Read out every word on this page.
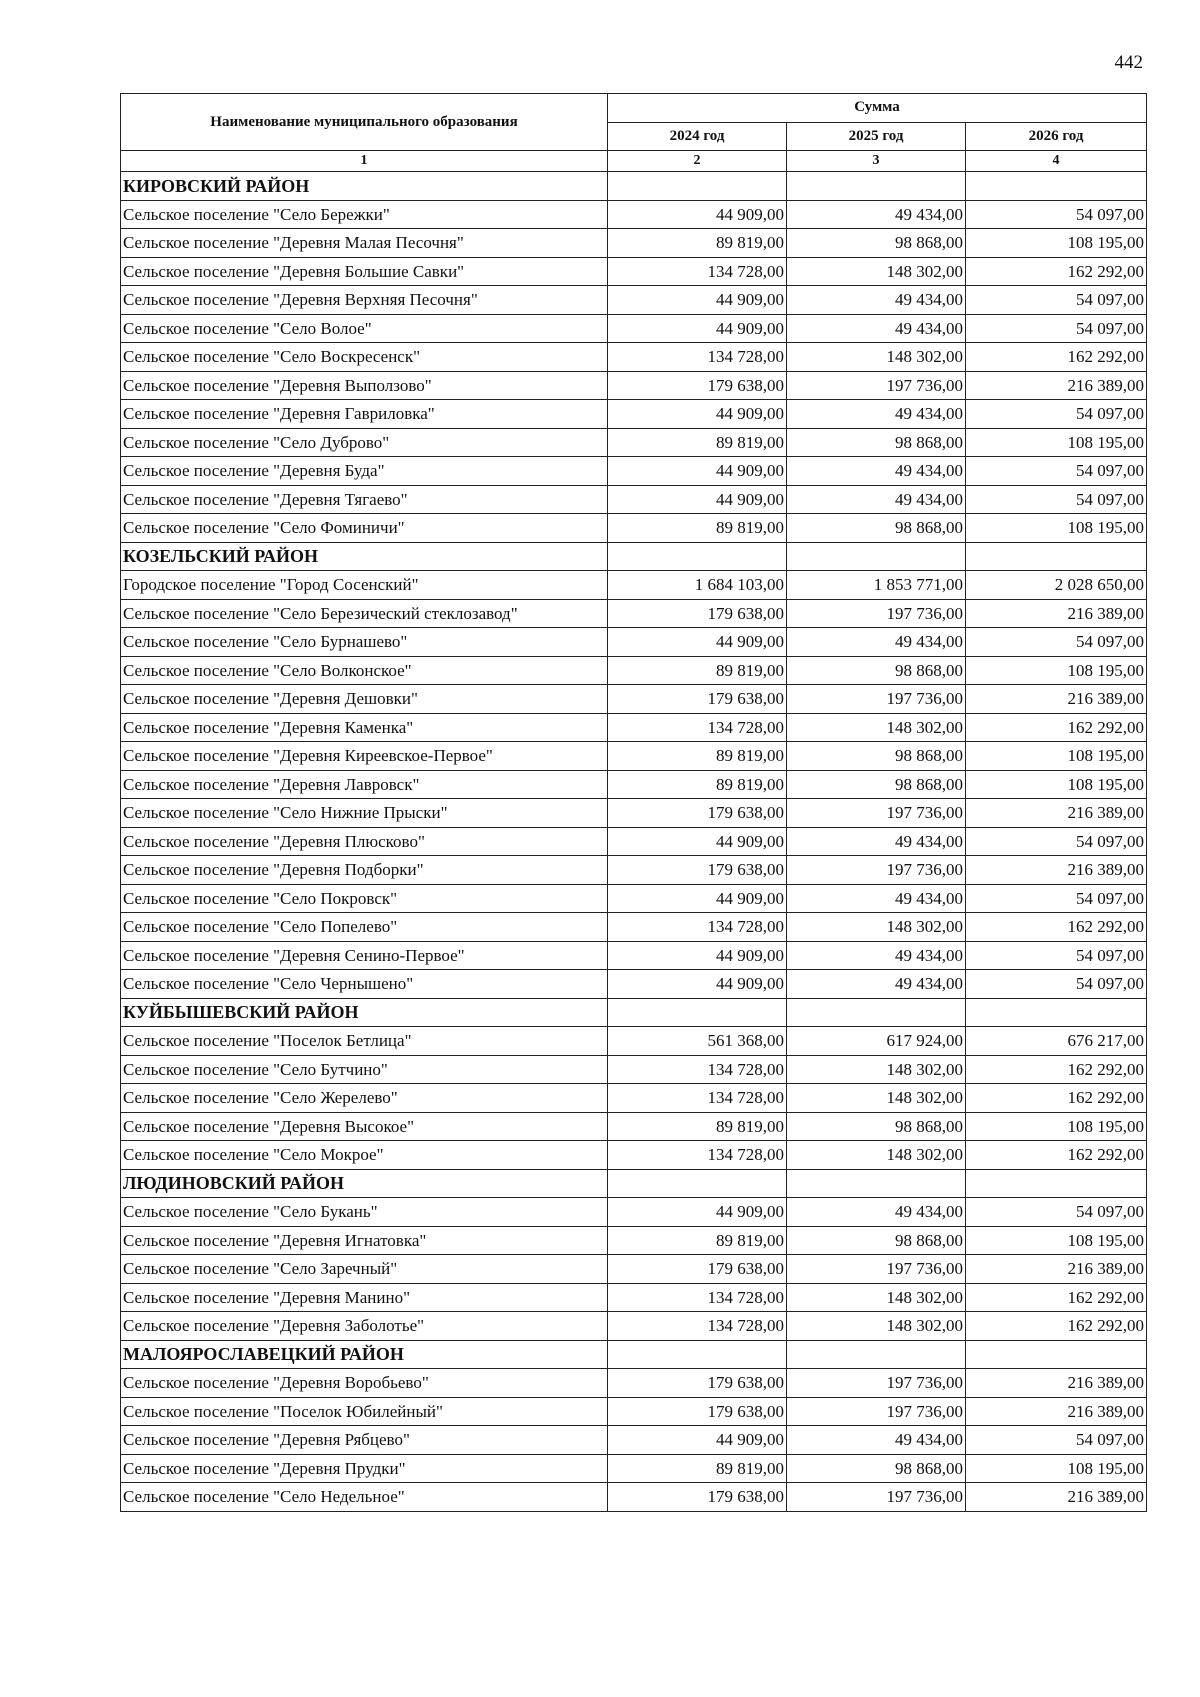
442
Наименование муниципального образования	Сумма		
	2024 год	2025 год	2026 год
1	2	3	4
КИРОВСКИЙ РАЙОН			
Сельское поселение "Село Бережки"	44 909,00	49 434,00	54 097,00
Сельское поселение "Деревня Малая Песочня"	89 819,00	98 868,00	108 195,00
Сельское поселение "Деревня Большие Савки"	134 728,00	148 302,00	162 292,00
Сельское поселение "Деревня Верхняя Песочня"	44 909,00	49 434,00	54 097,00
Сельское поселение "Село Волое"	44 909,00	49 434,00	54 097,00
Сельское поселение "Село Воскресенск"	134 728,00	148 302,00	162 292,00
Сельское поселение "Деревня Выползово"	179 638,00	197 736,00	216 389,00
Сельское поселение "Деревня Гавриловка"	44 909,00	49 434,00	54 097,00
Сельское поселение "Село Дуброво"	89 819,00	98 868,00	108 195,00
Сельское поселение "Деревня Буда"	44 909,00	49 434,00	54 097,00
Сельское поселение "Деревня Тягаево"	44 909,00	49 434,00	54 097,00
Сельское поселение "Село Фоминичи"	89 819,00	98 868,00	108 195,00
КОЗЕЛЬСКИЙ РАЙОН			
Городское поселение "Город Сосенский"	1 684 103,00	1 853 771,00	2 028 650,00
Сельское поселение "Село Березичеcкий стеклозавод"	179 638,00	197 736,00	216 389,00
Сельское поселение "Село Бурнашево"	44 909,00	49 434,00	54 097,00
Сельское поселение "Село Волконское"	89 819,00	98 868,00	108 195,00
Сельское поселение "Деревня Дешовки"	179 638,00	197 736,00	216 389,00
Сельское поселение "Деревня Каменка"	134 728,00	148 302,00	162 292,00
Сельское поселение "Деревня Киреевское-Первое"	89 819,00	98 868,00	108 195,00
Сельское поселение "Деревня Лавровск"	89 819,00	98 868,00	108 195,00
Сельское поселение "Село Нижние Прыски"	179 638,00	197 736,00	216 389,00
Сельское поселение "Деревня Плюсково"	44 909,00	49 434,00	54 097,00
Сельское поселение "Деревня Подборки"	179 638,00	197 736,00	216 389,00
Сельское поселение "Село Покровск"	44 909,00	49 434,00	54 097,00
Сельское поселение "Село Попелево"	134 728,00	148 302,00	162 292,00
Сельское поселение "Деревня Сенино-Первое"	44 909,00	49 434,00	54 097,00
Сельское поселение "Село Чернышено"	44 909,00	49 434,00	54 097,00
КУЙБЫШЕВСКИЙ РАЙОН			
Сельское поселение "Поселок Бетлица"	561 368,00	617 924,00	676 217,00
Сельское поселение "Село Бутчино"	134 728,00	148 302,00	162 292,00
Сельское поселение "Село Жерелево"	134 728,00	148 302,00	162 292,00
Сельское поселение "Деревня Высокое"	89 819,00	98 868,00	108 195,00
Сельское поселение "Село Мокрое"	134 728,00	148 302,00	162 292,00
ЛЮДИНОВСКИЙ РАЙОН			
Сельское поселение "Село Букань"	44 909,00	49 434,00	54 097,00
Сельское поселение "Деревня Игнатовка"	89 819,00	98 868,00	108 195,00
Сельское поселение "Село Заречный"	179 638,00	197 736,00	216 389,00
Сельское поселение "Деревня Манино"	134 728,00	148 302,00	162 292,00
Сельское поселение "Деревня Заболотье"	134 728,00	148 302,00	162 292,00
МАЛОЯРОСЛАВЕЦКИЙ РАЙОН			
Сельское поселение "Деревня Воробьево"	179 638,00	197 736,00	216 389,00
Сельское поселение "Поселок Юбилейный"	179 638,00	197 736,00	216 389,00
Сельское поселение "Деревня Рябцево"	44 909,00	49 434,00	54 097,00
Сельское поселение "Деревня Прудки"	89 819,00	98 868,00	108 195,00
Сельское поселение "Село Недельное"	179 638,00	197 736,00	216 389,00
